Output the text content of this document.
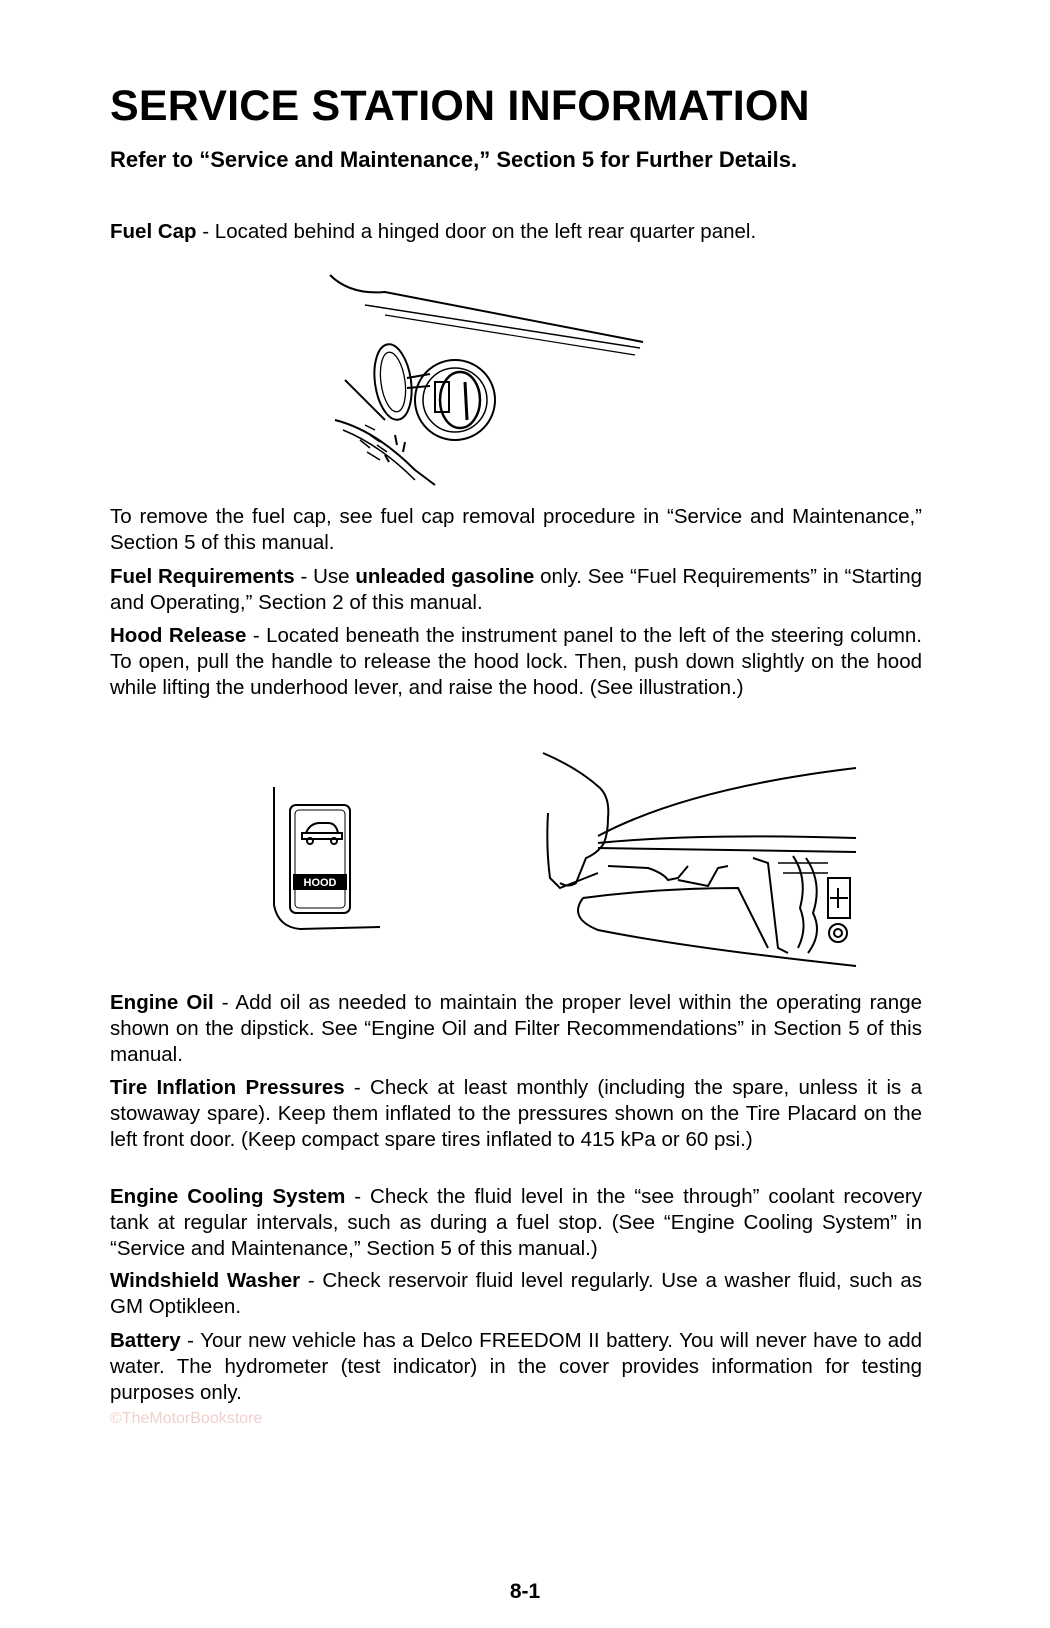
SERVICE STATION INFORMATION

Refer to “Service and Maintenance,” Section 5 for Further Details.

Fuel Cap - Located behind a hinged door on the left rear quarter panel.

To remove the fuel cap, see fuel cap removal procedure in “Service and Maintenance,” Section 5 of this manual.

Fuel Requirements - Use unleaded gasoline only. See “Fuel Requirements” in “Starting and Operating,” Section 2 of this manual.

Hood Release - Located beneath the instrument panel to the left of the steering column. To open, pull the handle to release the hood lock. Then, push down slightly on the hood while lifting the underhood lever, and raise the hood. (See illustration.)

HOOD

Engine Oil - Add oil as needed to maintain the proper level within the operating range shown on the dipstick. See “Engine Oil and Filter Recommendations” in Section 5 of this manual.

Tire Inflation Pressures - Check at least monthly (including the spare, unless it is a stowaway spare). Keep them inflated to the pressures shown on the Tire Placard on the left front door. (Keep compact spare tires inflated to 415 kPa or 60 psi.)

Engine Cooling System - Check the fluid level in the “see through” coolant recovery tank at regular intervals, such as during a fuel stop. (See “Engine Cooling System” in “Service and Maintenance,” Section 5 of this manual.)

Windshield Washer - Check reservoir fluid level regularly. Use a washer fluid, such as GM Optikleen.

Battery - Your new vehicle has a Delco FREEDOM II battery. You will never have to add water. The hydrometer (test indicator) in the cover provides information for testing purposes only.

©TheMotorBookstore
8-1
